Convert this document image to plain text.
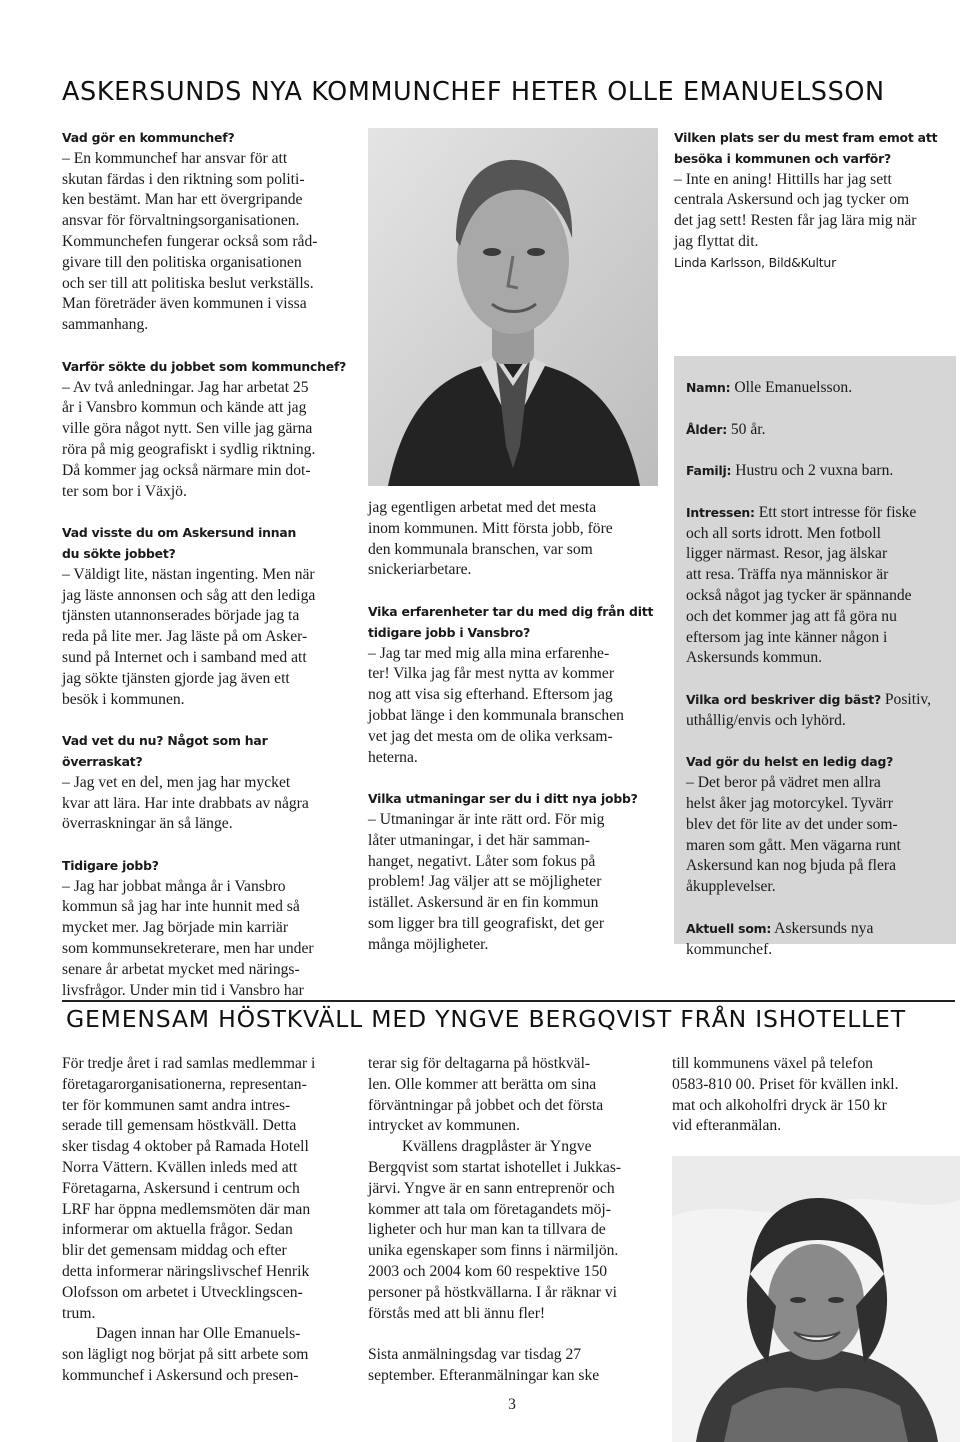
ASKERSUNDS NYA KOMMUNCHEF HETER OLLE EMANUELSSON

Vad gör en kommunchef?

– En kommunchef har ansvar för att

skutan färdas i den riktning som politi-

ken bestämt. Man har ett övergripande

ansvar för förvaltningsorganisationen.

Kommunchefen fungerar också som råd-

givare till den politiska organisationen

och ser till att politiska beslut verkställs.

Man företräder även kommunen i vissa

sammanhang.

Varför sökte du jobbet som kommunchef?

– Av två anledningar. Jag har arbetat 25

år i Vansbro kommun och kände att jag

ville göra något nytt. Sen ville jag gärna

röra på mig geografiskt i sydlig riktning.

Då kommer jag också närmare min dot-

ter som bor i Växjö.

Vad visste du om Askersund innan

du sökte jobbet?

– Väldigt lite, nästan ingenting. Men när

jag läste annonsen och såg att den lediga

tjänsten utannonserades började jag ta

reda på lite mer. Jag läste på om Asker-

sund på Internet och i samband med att

jag sökte tjänsten gjorde jag även ett

besök i kommunen.

Vad vet du nu? Något som har överraskat?

– Jag vet en del, men jag har mycket

kvar att lära. Har inte drabbats av några

överraskningar än så länge.

Tidigare jobb?

– Jag har jobbat många år i Vansbro

kommun så jag har inte hunnit med så

mycket mer. Jag började min karriär

som kommunsekreterare, men har under

senare år arbetat mycket med närings-

livsfrågor. Under min tid i Vansbro har

jag egentligen arbetat med det mesta

inom kommunen. Mitt första jobb, före

den kommunala branschen, var som

snickeriarbetare.

Vika erfarenheter tar du med dig från ditt

tidigare jobb i Vansbro?

– Jag tar med mig alla mina erfarenhe-

ter! Vilka jag får mest nytta av kommer

nog att visa sig efterhand. Eftersom jag

jobbat länge i den kommunala branschen

vet jag det mesta om de olika verksam-

heterna.

Vilka utmaningar ser du i ditt nya jobb?

– Utmaningar är inte rätt ord. För mig

låter utmaningar, i det här samman-

hanget, negativt. Låter som fokus på

problem! Jag väljer att se möjligheter

istället. Askersund är en fin kommun

som ligger bra till geografiskt, det ger

många möjligheter.

Vilken plats ser du mest fram emot att

besöka i kommunen och varför?

– Inte en aning! Hittills har jag sett

centrala Askersund och jag tycker om

det jag sett! Resten får jag lära mig när

jag flyttat dit.

Linda Karlsson, Bild&Kultur

Namn: Olle Emanuelsson.

Ålder: 50 år.

Familj: Hustru och 2 vuxna barn.

Intressen: Ett stort intresse för fiske

och all sorts idrott. Men fotboll

ligger närmast. Resor, jag älskar

att resa. Träffa nya människor är

också något jag tycker är spännande

och det kommer jag att få göra nu

eftersom jag inte känner någon i

Askersunds kommun.

Vilka ord beskriver dig bäst? Positiv,

uthållig/envis och lyhörd.

Vad gör du helst en ledig dag?

– Det beror på vädret men allra

helst åker jag motorcykel. Tyvärr

blev det för lite av det under som-

maren som gått. Men vägarna runt

Askersund kan nog bjuda på flera

åkupplevelser.

Aktuell som: Askersunds nya

kommunchef.

GEMENSAM HÖSTKVÄLL MED YNGVE BERGQVIST FRÅN ISHOTELLET

För tredje året i rad samlas medlemmar i

företagarorganisationerna, representan-

ter för kommunen samt andra intres-

serade till gemensam höstkväll. Detta

sker tisdag 4 oktober på Ramada Hotell

Norra Vättern. Kvällen inleds med att

Företagarna, Askersund i centrum och

LRF har öppna medlemsmöten där man

informerar om aktuella frågor. Sedan

blir det gemensam middag och efter

detta informerar näringslivschef Henrik

Olofsson om arbetet i Utvecklingscen-

trum.

Dagen innan har Olle Emanuels-

son lägligt nog börjat på sitt arbete som

kommunchef i Askersund och presen-

terar sig för deltagarna på höstkväl-

len. Olle kommer att berätta om sina

förväntningar på jobbet och det första

intrycket av kommunen.

Kvällens dragplåster är Yngve

Bergqvist som startat ishotellet i Jukkas-

järvi. Yngve är en sann entreprenör och

kommer att tala om företagandets möj-

ligheter och hur man kan ta tillvara de

unika egenskaper som finns i närmiljön.

2003 och 2004 kom 60 respektive 150

personer på höstkvällarna. I år räknar vi

förstås med att bli ännu fler!

Sista anmälningsdag var tisdag 27

september. Efteranmälningar kan ske

till kommunens växel på telefon

0583-810 00. Priset för kvällen inkl.

mat och alkoholfri dryck är 150 kr

vid efteranmälan.

3
